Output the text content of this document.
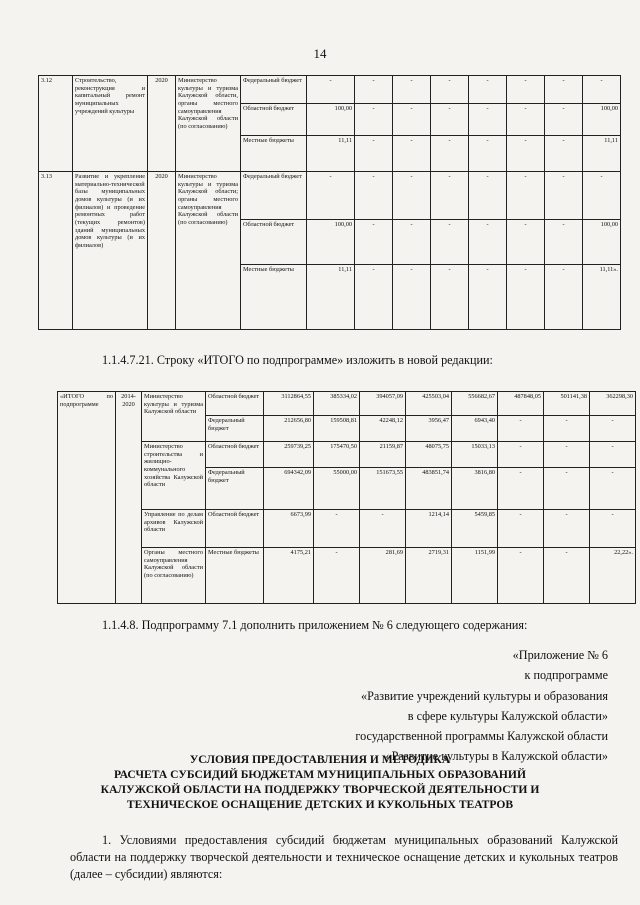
14
3.12	Строительство, реконструкция и капитальный ремонт муниципальных учреждений культуры	2020	Министерство культуры и туризма Калужской области, органы местного самоуправления Калужской области (по согласованию)	Федеральный бюджет	-	-	-	-	-	-	-	-
				Областной бюджет	100,00	-	-	-	-	-	-	100,00
				Местные бюджеты	11,11	-	-	-	-	-	-	11,11
3.13	Развитие и укрепление материально-технической базы муниципальных домов культуры (и их филиалов) и проведение ремонтных работ (текущих ремонтов) зданий муниципальных домов культуры (и их филиалов)	2020	Министерство культуры и туризма Калужской области; органы местного самоуправления Калужской области (по согласованию)	Федеральный бюджет	-	-	-	-	-	-	-	-
				Областной бюджет	100,00	-	-	-	-	-	-	100,00
				Местные бюджеты	11,11	-	-	-	-	-	-	11,11».
1.1.4.7.21. Строку «ИТОГО по подпрограмме» изложить в новой редакции:
«ИТОГО по подпрограмме	2014-2020	Министерство культуры и туризма Калужской области	Областной бюджет	3112864,55	385334,02	394057,09	425503,04	556682,67	487848,05	501141,38	362298,30
			Федеральный бюджет	212656,80	159508,81	42248,12	3956,47	6943,40	-	-	-
		Министерство строительства и жилищно-коммунального хозяйства Калужской области	Областной бюджет	259739,25	175470,50	21159,87	48075,75	15033,13	-	-	-
			Федеральный бюджет	694342,09	55000,00	151673,55	483851,74	3816,80	-	-	-
		Управление по делам архивов Калужской области	Областной бюджет	6673,99	-	-	1214,14	5459,85	-	-	-
		Органы местного самоуправления Калужской области (по согласованию)	Местные бюджеты	4175,21	-	281,69	2719,31	1151,99	-	-	22,22».
1.1.4.8. Подпрограмму 7.1 дополнить приложением № 6 следующего содержания:
«Приложение № 6
к подпрограмме
«Развитие учреждений культуры и образования
в сфере культуры Калужской области»
государственной программы Калужской области
«Развитие культуры в Калужской области»
УСЛОВИЯ ПРЕДОСТАВЛЕНИЯ И МЕТОДИКА
РАСЧЕТА СУБСИДИЙ БЮДЖЕТАМ МУНИЦИПАЛЬНЫХ ОБРАЗОВАНИЙ
КАЛУЖСКОЙ ОБЛАСТИ НА ПОДДЕРЖКУ ТВОРЧЕСКОЙ ДЕЯТЕЛЬНОСТИ И
ТЕХНИЧЕСКОЕ ОСНАЩЕНИЕ ДЕТСКИХ И КУКОЛЬНЫХ ТЕАТРОВ
1. Условиями предоставления субсидий бюджетам муниципальных образований Калужской области на поддержку творческой деятельности и техническое оснащение детских и кукольных театров (далее – субсидии) являются:
